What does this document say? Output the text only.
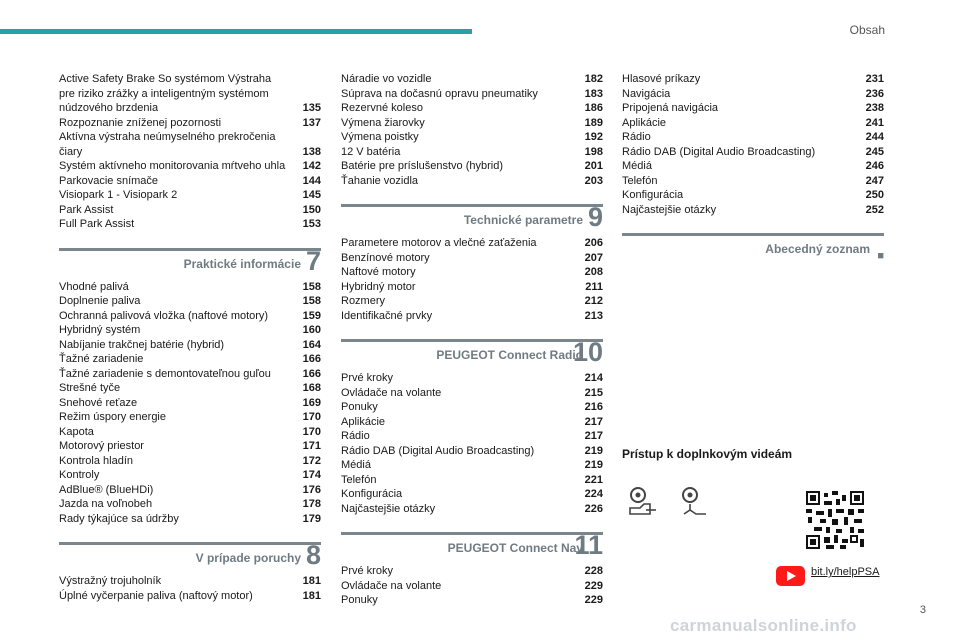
Obsah
Active Safety Brake So systémom Výstraha pre riziko zrážky a inteligentným systémom núdzového brzdenia	135
Rozpoznanie zníženej pozornosti	137
Aktívna výstraha neúmyselného prekročenia čiary	138
Systém aktívneho monitorovania mŕtveho uhla	142
Parkovacie snímače	144
Visiopark 1 - Visiopark 2	145
Park Assist	150
Full Park Assist	153
Praktické informácie 7
Vhodné palivá	158
Doplnenie paliva	158
Ochranná palivová vložka (naftové motory)	159
Hybridný systém	160
Nabíjanie trakčnej batérie (hybrid)	164
Ťažné zariadenie	166
Ťažné zariadenie s demontovateľnou guľou	166
Strešné tyče	168
Snehové reťaze	169
Režim úspory energie	170
Kapota	170
Motorový priestor	171
Kontrola hladín	172
Kontroly	174
AdBlue® (BlueHDi)	176
Jazda na voľnobeh	178
Rady týkajúce sa údržby	179
V prípade poruchy 8
Výstražný trojuholník	181
Úplné vyčerpanie paliva (naftový motor)	181
Náradie vo vozidle	182
Súprava na dočasnú opravu pneumatiky	183
Rezervné koleso	186
Výmena žiarovky	189
Výmena poistky	192
12 V batéria	198
Batérie pre príslušenstvo (hybrid)	201
Ťahanie vozidla	203
Technické parametre 9
Parametere motorov a vlečné zaťaženia	206
Benzínové motory	207
Naftové motory	208
Hybridný motor	211
Rozmery	212
Identifikačné prvky	213
PEUGEOT Connect Radio
10
Prvé kroky	214
Ovládače na volante	215
Ponuky	216
Aplikácie	217
Rádio	217
Rádio DAB (Digital Audio Broadcasting)	219
Médiá	219
Telefón	221
Konfigurácia	224
Najčastejšie otázky	226
PEUGEOT Connect Nav
11
Prvé kroky	228
Ovládače na volante	229
Ponuky	229
Hlasové príkazy	231
Navigácia	236
Pripojená navigácia	238
Aplikácie	241
Rádio	244
Rádio DAB (Digital Audio Broadcasting)	245
Médiá	246
Telefón	247
Konfigurácia	250
Najčastejšie otázky	252
Abecedný zoznam ■
Prístup k doplnkovým videám
bit.ly/helpPSA
3
carmanualsonline.info
